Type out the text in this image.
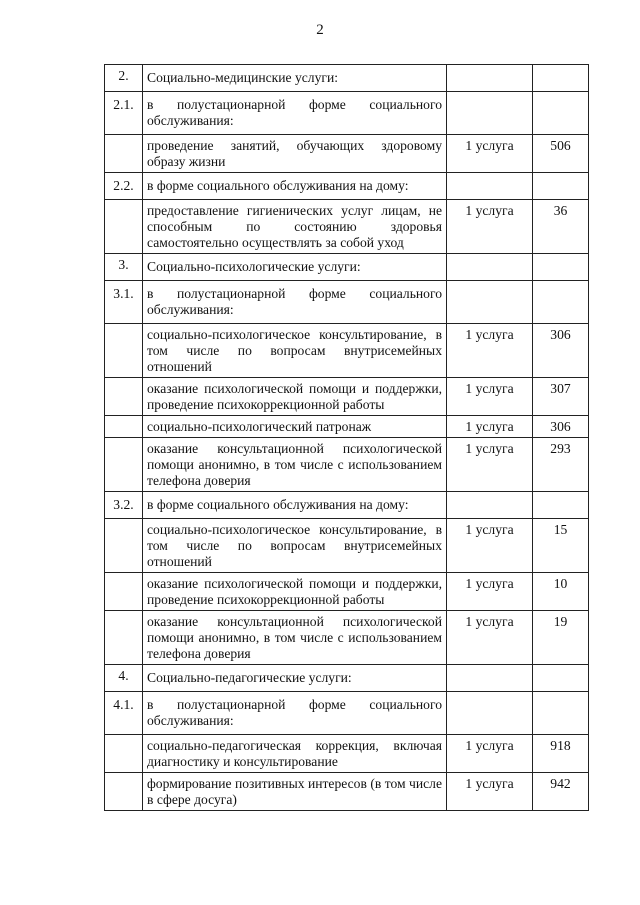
2
2.	Социально-медицинские услуги:		
2.1.	в полустационарной форме социального обслуживания:		
	проведение занятий, обучающих здоровому образу жизни	1 услуга	506
2.2.	в форме социального обслуживания на дому:		
	предоставление гигиенических услуг лицам, не способным по состоянию здоровья самостоятельно осуществлять за собой уход	1 услуга	36
3.	Социально-психологические услуги:		
3.1.	в полустационарной форме социального обслуживания:		
	социально-психологическое консультирование, в том числе по вопросам внутрисемейных отношений	1 услуга	306
	оказание психологической помощи и поддержки, проведение психокоррекционной работы	1 услуга	307
	социально-психологический патронаж	1 услуга	306
	оказание консультационной психологической помощи анонимно, в том числе с использованием телефона доверия	1 услуга	293
3.2.	в форме социального обслуживания на дому:		
	социально-психологическое консультирование, в том числе по вопросам внутрисемейных отношений	1 услуга	15
	оказание психологической помощи и поддержки, проведение психокоррекционной работы	1 услуга	10
	оказание консультационной психологической помощи анонимно, в том числе с использованием телефона доверия	1 услуга	19
4.	Социально-педагогические услуги:		
4.1.	в полустационарной форме социального обслуживания:		
	социально-педагогическая коррекция, включая диагностику и консультирование	1 услуга	918
	формирование позитивных интересов (в том числе в сфере досуга)	1 услуга	942
